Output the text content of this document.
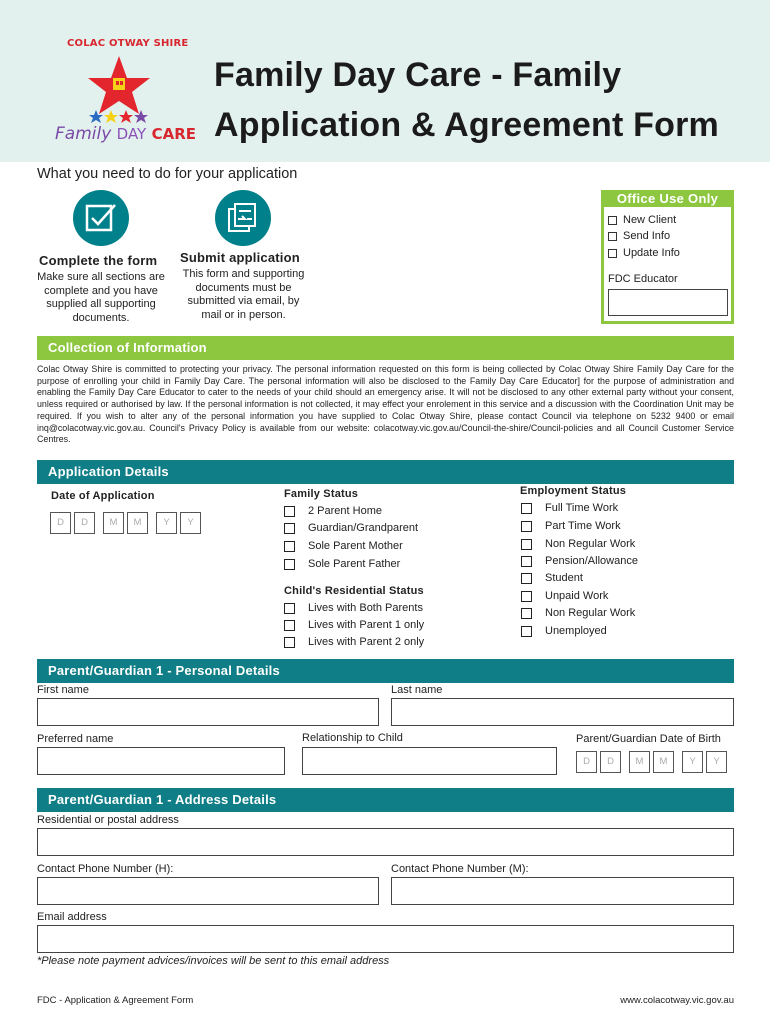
COLAC OTWAY SHIRE
Family DAY CARE
Family Day Care - Family
Application & Agreement Form
What you need to do for your application
Complete the form
Make sure all sections are complete and you have supplied all supporting documents.
Submit application
This form and supporting documents must be submitted via email, by mail or in person.
Office Use Only
New Client
Send Info
Update Info
FDC Educator
Collection of Information
Colac Otway Shire is committed to protecting your privacy. The personal information requested on this form is being collected by Colac Otway Shire Family Day Care for the purpose of enrolling your child in Family Day Care. The personal information will also be disclosed to the Family Day Care Educator] for the purpose of administration and enabling the Family Day Care Educator to cater to the needs of your child should an emergency arise. It will not be disclosed to any other external party without your consent, unless required or authorised by law. If the personal information is not collected, it may effect your enrolement in this service and a discussion with the Coordination Unit may be required. If you wish to alter any of the personal information you have supplied to Colac Otway Shire, please contact Council via telephone on 5232 9400 or email inq@colacotway.vic.gov.au. Council's Privacy Policy is available from our website: colacotway.vic.gov.au/Council-the-shire/Council-policies and all Council Customer Service Centres.
Application Details
Date of Application
D	D	M	M	Y	Y
Family Status
2 Parent Home
Guardian/Grandparent
Sole Parent Mother
Sole Parent Father
Child's Residential Status
Lives with Both Parents
Lives with Parent 1 only
Lives with Parent 2 only
Employment Status
Full Time Work
Part Time Work
Non Regular Work
Pension/Allowance
Student
Unpaid Work
Non Regular Work
Unemployed
Parent/Guardian 1 - Personal Details
First name	Last name
Preferred name	Relationship to Child	Parent/Guardian Date of Birth
D	D	M	M	Y	Y
Parent/Guardian 1 - Address Details
Residential or postal address
Contact Phone Number (H):	Contact Phone Number (M):
Email address
*Please note payment advices/invoices will be sent to this email address
FDC - Application & Agreement Form	www.colacotway.vic.gov.au
